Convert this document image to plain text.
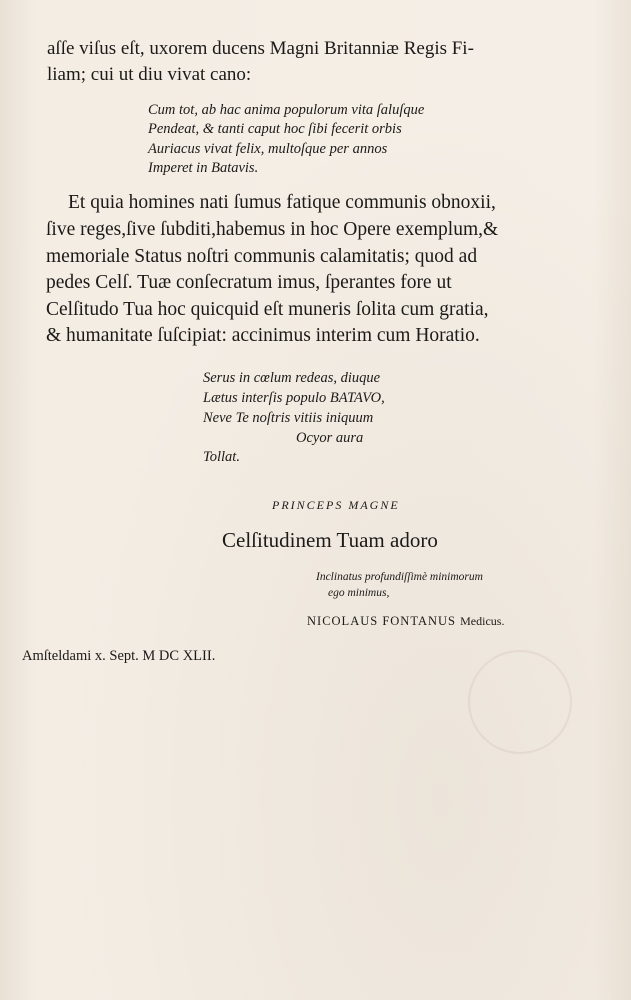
aſſe viſus eſt, uxorem ducens Magni Britanniæ Regis Fi-
liam; cui ut diu vivat cano:
Cum tot, ab hac anima populorum vita ſaluſque
Pendeat, & tanti caput hoc ſibi fecerit orbis
Auriacus vivat felix, multoſque per annos
Imperet in Batavis.
Et quia homines nati ſumus fatique communis obnoxii,
ſive reges,ſive ſubditi,habemus in hoc Opere exemplum,&
memoriale Status noſtri communis calamitatis; quod ad
pedes Celſ. Tuæ conſecratum imus, ſperantes fore ut
Celſitudo Tua hoc quicquid eſt muneris ſolita cum gratia,
& humanitate ſuſcipiat: accinimus interim cum Horatio.
Serus in cœlum redeas, diuque
Lætus interſis populo BATAVO,
Neve Te noſtris vitiis iniquum
Ocyor aura
Tollat.
PRINCEPS MAGNE
Celſitudinem Tuam adoro
Inclinatus profundiſſimè minimorum
ego minimus,
NICOLAUS FONTANUS Medicus.
Amſteldami x. Sept. M DC XLII.
